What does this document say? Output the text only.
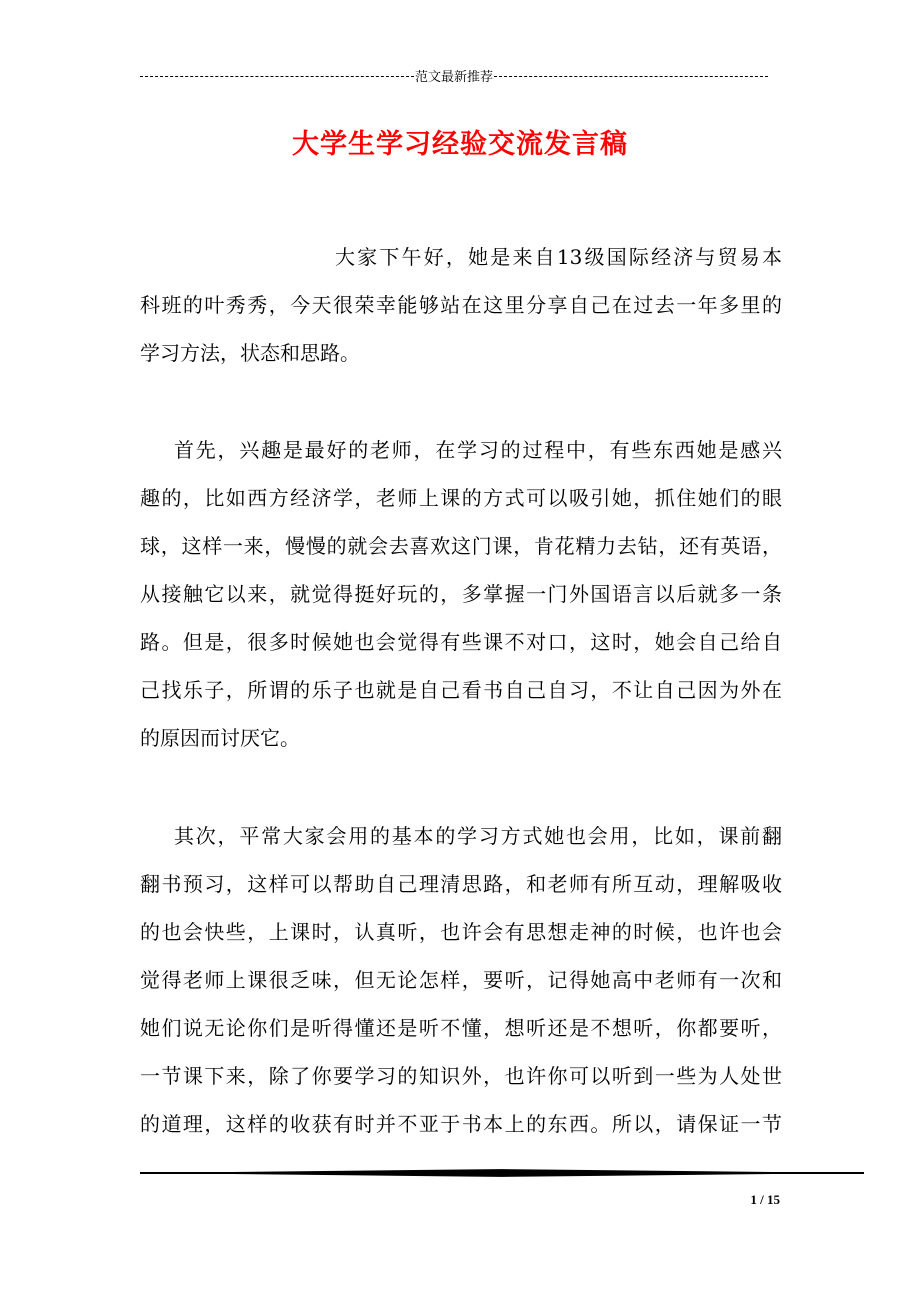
范文最新推荐
大学生学习经验交流发言稿
大家下午好，她是来自13级国际经济与贸易本
科班的叶秀秀，今天很荣幸能够站在这里分享自己在过去一年多里的
学习方法，状态和思路。
首先，兴趣是最好的老师，在学习的过程中，有些东西她是感兴
趣的，比如西方经济学，老师上课的方式可以吸引她，抓住她们的眼
球，这样一来，慢慢的就会去喜欢这门课，肯花精力去钻，还有英语，
从接触它以来，就觉得挺好玩的，多掌握一门外国语言以后就多一条
路。但是，很多时候她也会觉得有些课不对口，这时，她会自己给自
己找乐子，所谓的乐子也就是自己看书自己自习，不让自己因为外在
的原因而讨厌它。
其次，平常大家会用的基本的学习方式她也会用，比如，课前翻
翻书预习，这样可以帮助自己理清思路，和老师有所互动，理解吸收
的也会快些，上课时，认真听，也许会有思想走神的时候，也许也会
觉得老师上课很乏味，但无论怎样，要听，记得她高中老师有一次和
她们说无论你们是听得懂还是听不懂，想听还是不想听，你都要听，
一节课下来，除了你要学习的知识外，也许你可以听到一些为人处世
的道理，这样的收获有时并不亚于书本上的东西。所以，请保证一节
1 / 15
